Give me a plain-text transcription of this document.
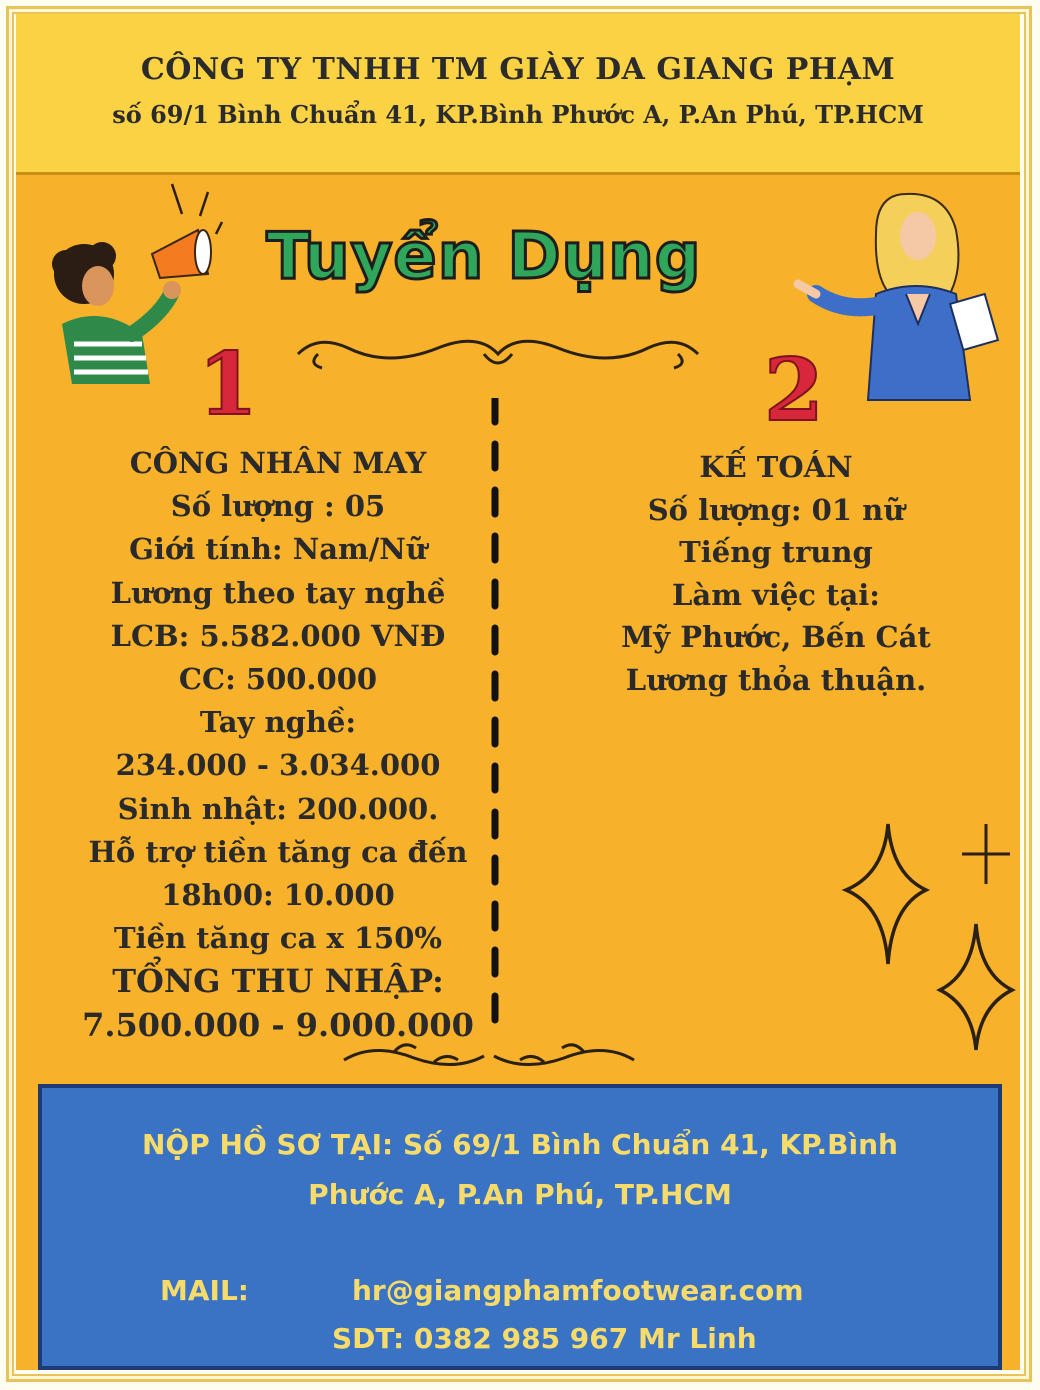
CÔNG TY TNHH TM GIÀY DA GIANG PHẠM
số 69/1 Bình Chuẩn 41, KP.Bình Phước A, P.An Phú, TP.HCM
Tuyển Dụng
1	2
CÔNG NHÂN MAY
Số lượng : 05
Giới tính: Nam/Nữ
Lương theo tay nghề
LCB: 5.582.000 VNĐ
CC: 500.000
Tay nghề:
234.000 - 3.034.000
Sinh nhật: 200.000.
Hỗ trợ tiền tăng ca đến
18h00: 10.000
Tiền tăng ca x 150%
TỔNG THU NHẬP:
7.500.000 - 9.000.000
KẾ TOÁN
Số lượng: 01 nữ
Tiếng trung
Làm việc tại:
Mỹ Phước, Bến Cát
Lương thỏa thuận.
NỘP HỒ SƠ TẠI: Số 69/1 Bình Chuẩn 41, KP.Bình
Phước A, P.An Phú, TP.HCM
MAIL:	hr@giangphamfootwear.com
SDT: 0382 985 967 Mr Linh
